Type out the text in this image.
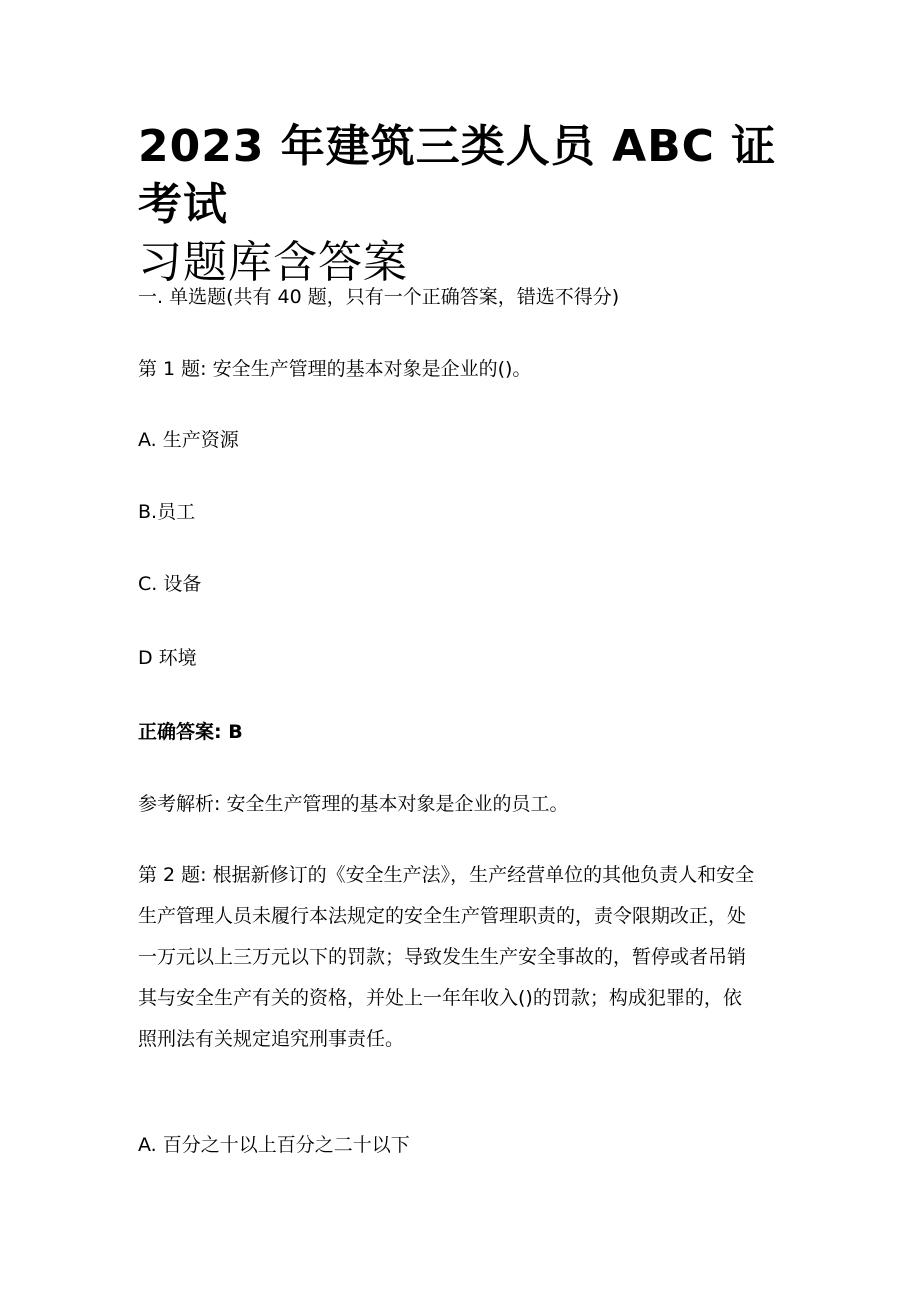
2023 年建筑三类人员 ABC 证考试
习题库含答案
一. 单选题(共有 40 题，只有一个正确答案，错选不得分)
第 1 题: 安全生产管理的基本对象是企业的()。
A. 生产资源
B.员工
C. 设备
D 环境
正确答案: B
参考解析: 安全生产管理的基本对象是企业的员工。
第 2 题: 根据新修订的《安全生产法》，生产经营单位的其他负责人和安全
生产管理人员未履行本法规定的安全生产管理职责的，责令限期改正，处
一万元以上三万元以下的罚款；导致发生生产安全事故的，暂停或者吊销
其与安全生产有关的资格，并处上一年年收入()的罚款；构成犯罪的，依
照刑法有关规定追究刑事责任。
A. 百分之十以上百分之二十以下
